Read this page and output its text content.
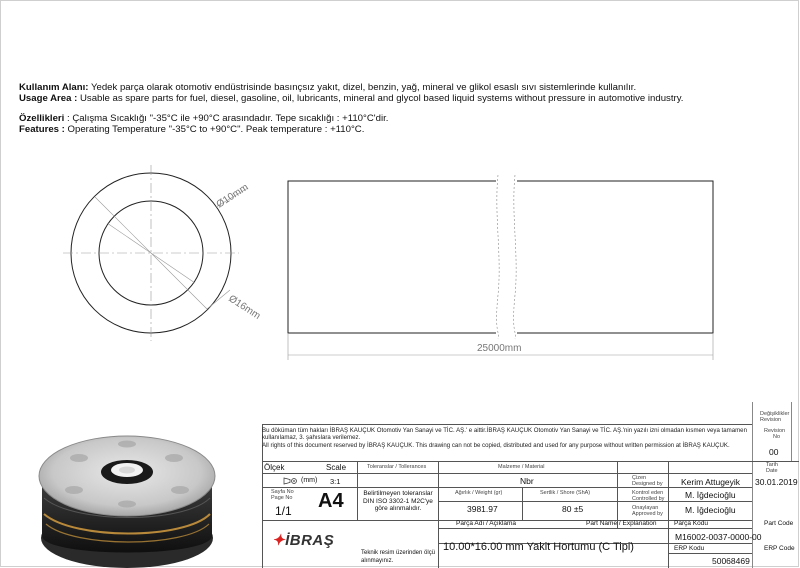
Kullanım Alanı: Yedek parça olarak otomotiv endüstrisinde basınçsız yakıt, dizel, benzin, yağ, mineral ve glikol esaslı sıvı sistemlerinde kullanılır.
Usage Area : Usable as spare parts for fuel, diesel, gasoline, oil, lubricants, mineral and glycol based liquid systems without pressure in automotive industry.
Özellikleri : Çalışma Sıcaklığı "-35°C ile +90°C arasındadır. Tepe sıcaklığı : +110°C'dir.
Features : Operating Temperature "-35°C to +90°C". Peak temperature : +110°C.
Ø10mm
Ø16mm
25000mm
Değişiklikler
Revision
Revision
No
00
Tarih
Date
30.01.2019
Bu döküman tüm hakları İBRAŞ KAUÇUK Otomotiv Yan Sanayi ve TİC. AŞ.' e aittir.İBRAŞ KAUÇUK Otomotiv Yan Sanayi ve TİC. AŞ.'nin yazılı izni olmadan kısmen veya tamamen kullanılamaz, 3. şahıslara verilemez.
All rights of this document reserved by İBRAŞ KAUÇUK. This drawing can not be copied, distributed and used for any purpose without written permission at İBRAŞ KAUÇUK.
Ölçek	Scale
(mm) 3:1
Sayfa No
Page No
1/1 A4
Toleranslar / Tollerances
Belirtilmeyen toleranslar DIN ISO 3302-1 M2C'ye göre alınmalıdır.
Malzeme / Material
Nbr
Ağırlık / Weight (gr)
3981.97
Sertlik / Shore (ShA)
80 ±5
Çizen
Designed by Kerim Attugeyik
Kontrol eden
Controlled by M. İğdecioğlu
Onaylayan
Approved by	M. İğdecioğlu
Parça Adı / Açıklama	Part Name / Explanation
10.00*16.00 mm Yakit Hortumu (C Tipi)
Parça Kodu	Part Code
M16002-0037-0000-00
ERP Kodu	ERP Code
50068469
✦İBRAŞ
Teknik resim üzerinden ölçü alınmayınız.
